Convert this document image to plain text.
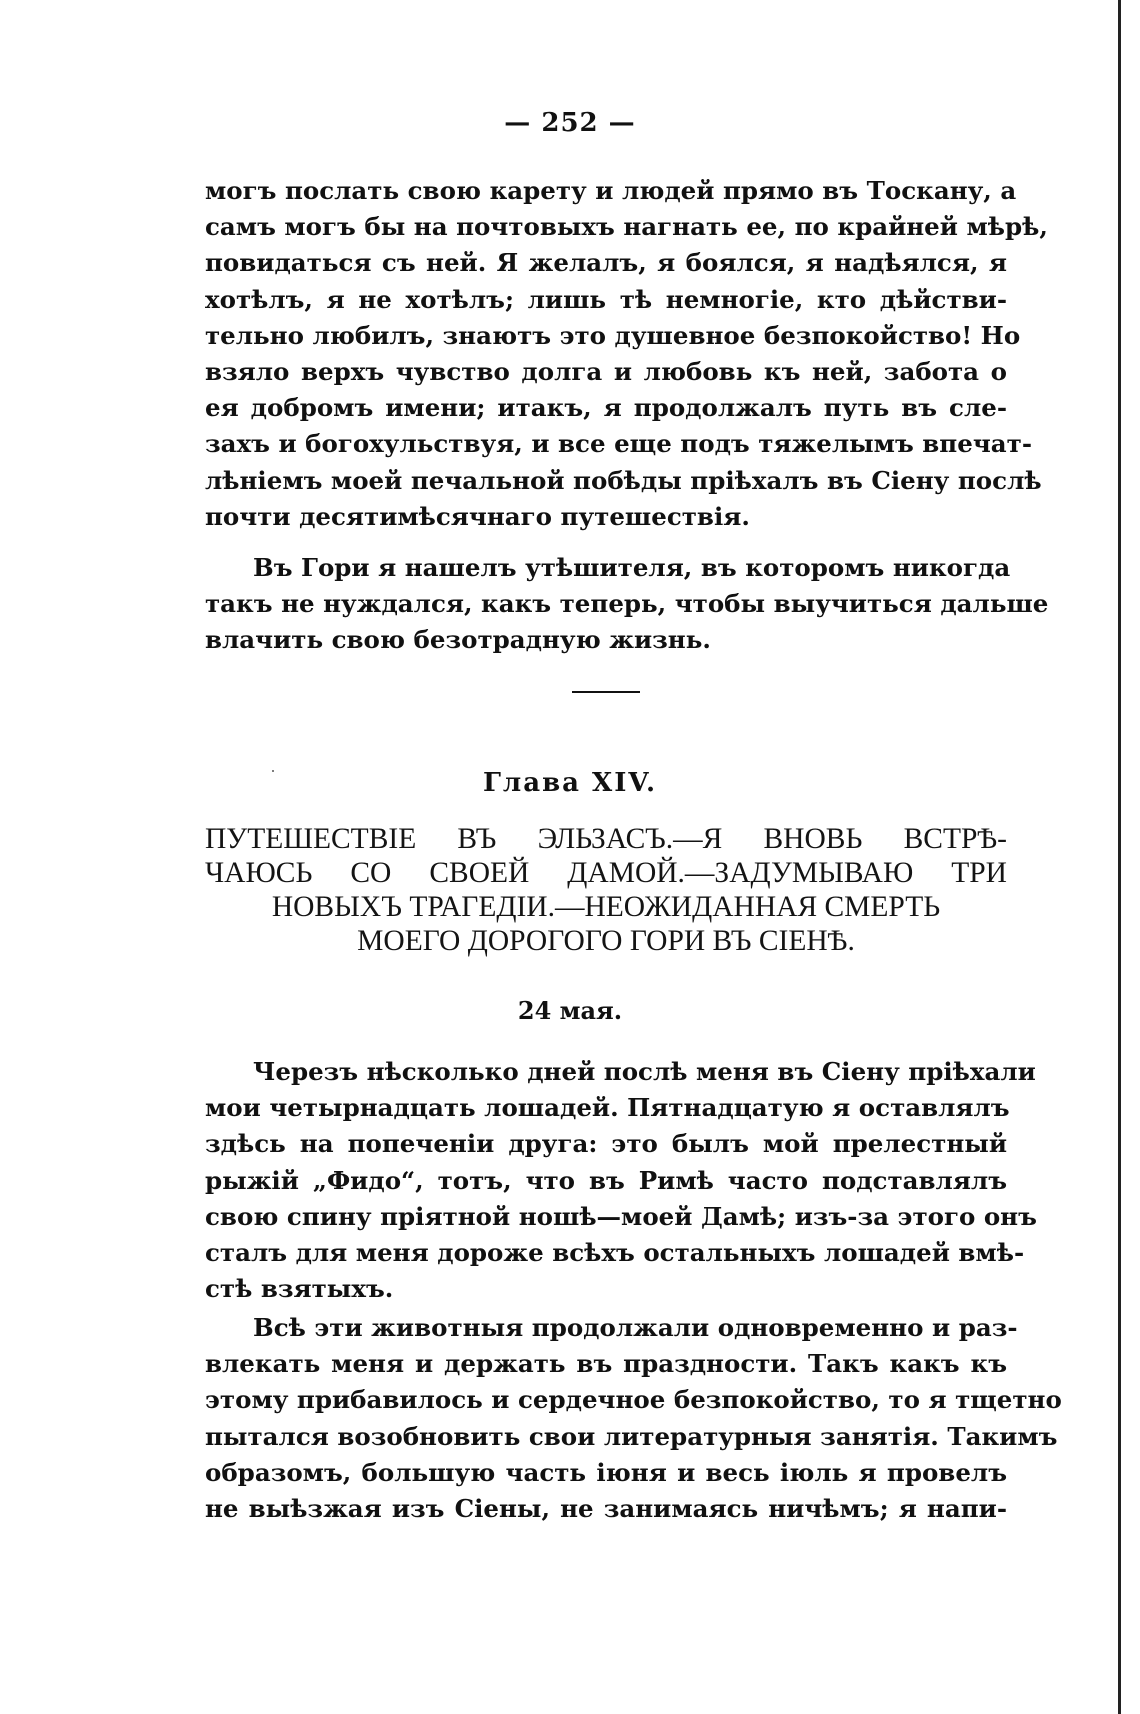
— 252 —
могъ послать свою карету и людей прямо въ Тоскану, а
самъ могъ бы на почтовыхъ нагнать ее, по крайней мѣрѣ,
повидаться съ ней. Я желалъ, я боялся, я надѣялся, я
хотѣлъ, я не хотѣлъ; лишь тѣ немногіе, кто дѣйстви-
тельно любилъ, знаютъ это душевное безпокойство! Но
взяло верхъ чувство долга и любовь къ ней, забота о
ея добромъ имени; итакъ, я продолжалъ путь въ сле-
захъ и богохульствуя, и все еще подъ тяжелымъ впечат-
лѣніемъ моей печальной побѣды пріѣхалъ въ Сіену послѣ
почти десятимѣсячнаго путешествія.
Въ Гори я нашелъ утѣшителя, въ которомъ никогда
такъ не нуждался, какъ теперь, чтобы выучиться дальше
влачить свою безотрадную жизнь.
Глава XIV.
ПУТЕШЕСТВІЕ ВЪ ЭЛЬЗАСЪ.—Я ВНОВЬ ВСТРѢ-
ЧАЮСЬ СО СВОЕЙ ДАМОЙ.—ЗАДУМЫВАЮ ТРИ
НОВЫХЪ ТРАГЕДІИ.—НЕОЖИДАННАЯ СМЕРТЬ
МОЕГО ДОРОГОГО ГОРИ ВЪ СІЕНѢ.
24 мая.
Черезъ нѣсколько дней послѣ меня въ Сіену пріѣхали
мои четырнадцать лошадей. Пятнадцатую я оставлялъ
здѣсь на попеченіи друга: это былъ мой прелестный
рыжій „Фидо“, тотъ, что въ Римѣ часто подставлялъ
свою спину пріятной ношѣ—моей Дамѣ; изъ-за этого онъ
сталъ для меня дороже всѣхъ остальныхъ лошадей вмѣ-
стѣ взятыхъ.
Всѣ эти животныя продолжали одновременно и раз-
влекать меня и держать въ праздности. Такъ какъ къ
этому прибавилось и сердечное безпокойство, то я тщетно
пытался возобновить свои литературныя занятія. Такимъ
образомъ, большую часть іюня и весь іюль я провелъ
не выѣзжая изъ Сіены, не занимаясь ничѣмъ; я напи-
